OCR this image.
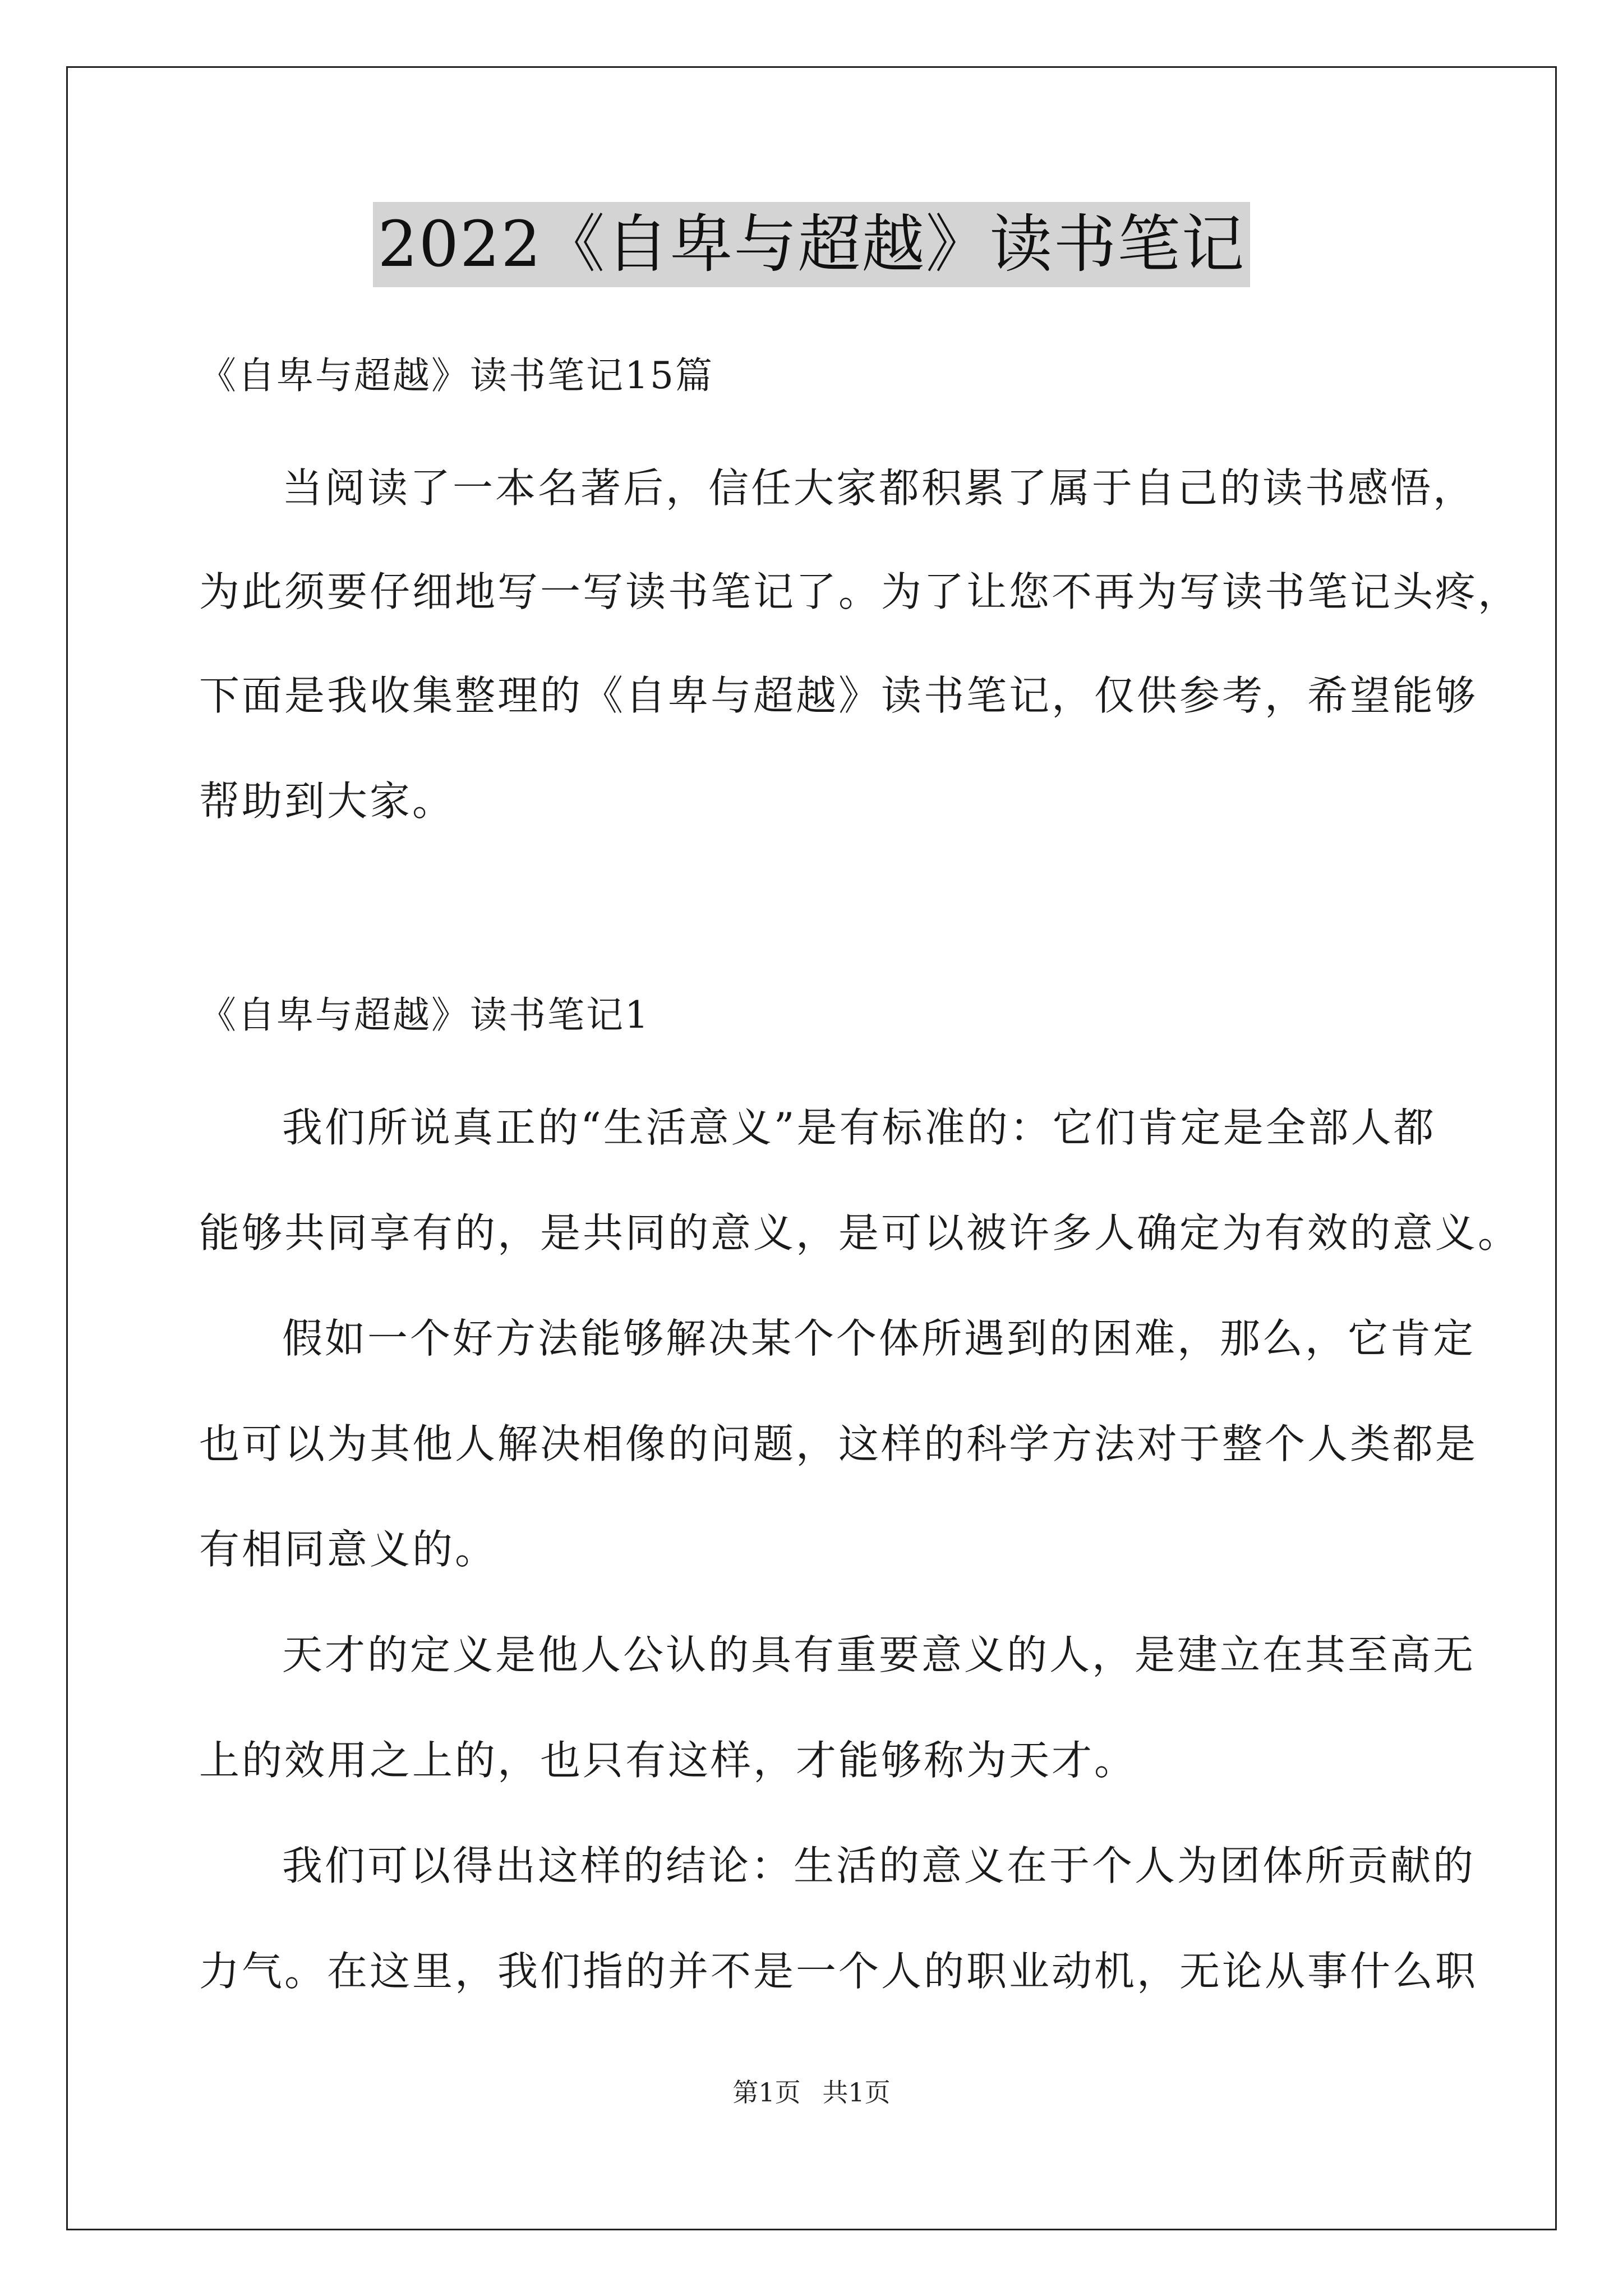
2022《自卑与超越》读书笔记
《自卑与超越》读书笔记15篇
当阅读了一本名著后，信任大家都积累了属于自己的读书感悟，
为此须要仔细地写一写读书笔记了。为了让您不再为写读书笔记头疼，
下面是我收集整理的《自卑与超越》读书笔记，仅供参考，希望能够
帮助到大家。
《自卑与超越》读书笔记1
我们所说真正的“生活意义”是有标准的：它们肯定是全部人都
能够共同享有的，是共同的意义，是可以被许多人确定为有效的意义。
假如一个好方法能够解决某个个体所遇到的困难，那么，它肯定
也可以为其他人解决相像的问题，这样的科学方法对于整个人类都是
有相同意义的。
天才的定义是他人公认的具有重要意义的人，是建立在其至高无
上的效用之上的，也只有这样，才能够称为天才。
我们可以得出这样的结论：生活的意义在于个人为团体所贡献的
力气。在这里，我们指的并不是一个人的职业动机，无论从事什么职
第1页 共1页
